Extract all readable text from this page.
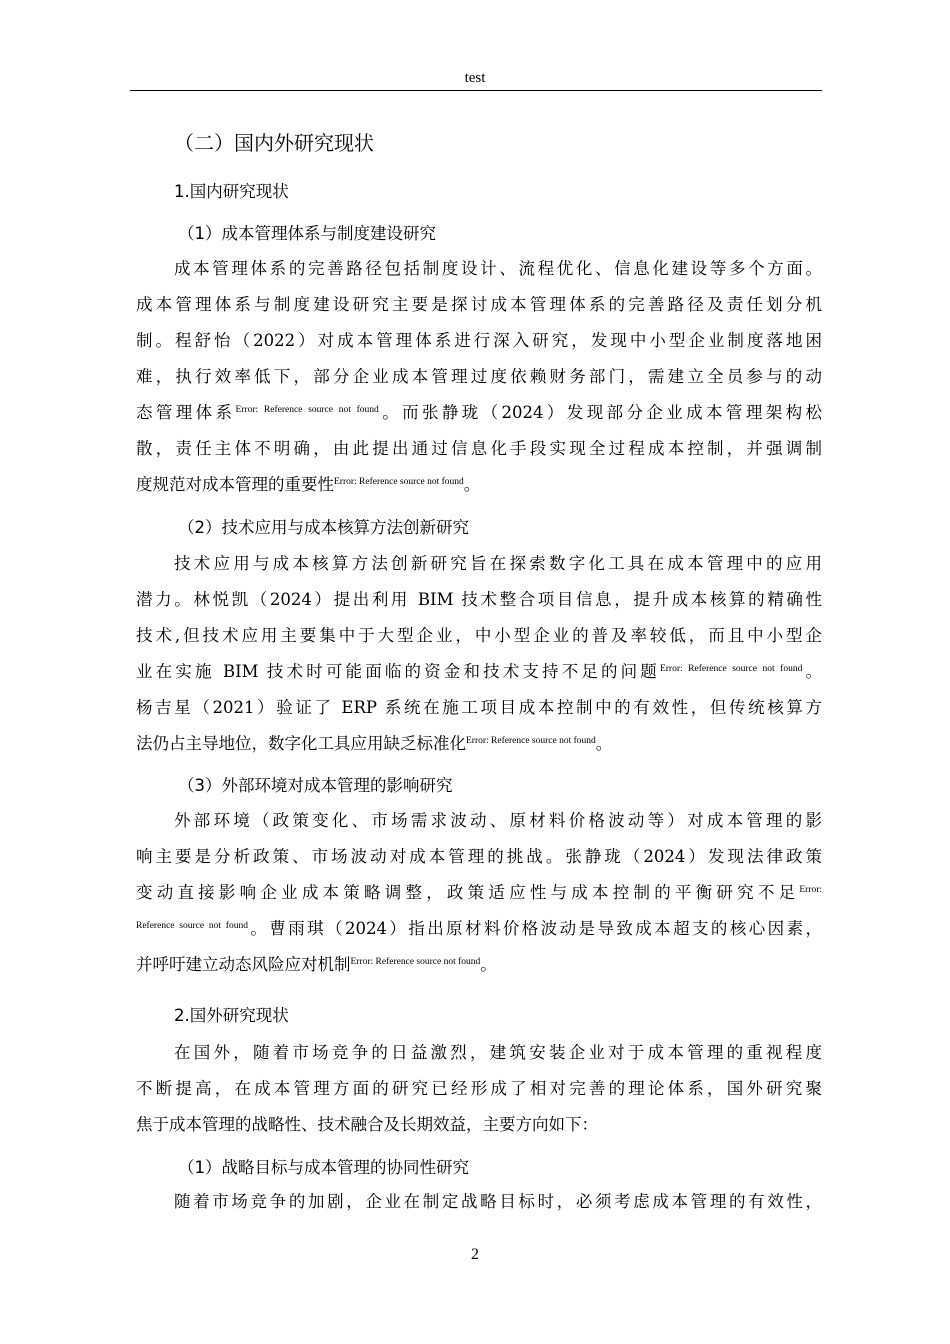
test
（二）国内外研究现状
1.国内研究现状
（1）成本管理体系与制度建设研究
成本管理体系的完善路径包括制度设计、流程优化、信息化建设等多个方面。
成本管理体系与制度建设研究主要是探讨成本管理体系的完善路径及责任划分机
制。程舒怡（2022）对成本管理体系进行深入研究，发现中小型企业制度落地困
难，执行效率低下，部分企业成本管理过度依赖财务部门，需建立全员参与的动
态管理体系$^{Error: Reference source not found}$。而张静珑（2024）发现部分企业成本管理架构松
散，责任主体不明确，由此提出通过信息化手段实现全过程成本控制，并强调制
度规范对成本管理的重要性$^{Error: Reference source not found}$。
（2）技术应用与成本核算方法创新研究
技术应用与成本核算方法创新研究旨在探索数字化工具在成本管理中的应用
潜力。林悦凯（2024）提出利用 BIM 技术整合项目信息，提升成本核算的精确性
技术,但技术应用主要集中于大型企业，中小型企业的普及率较低，而且中小型企
业在实施 BIM 技术时可能面临的资金和技术支持不足的问题$^{Error: Reference source not found}$。
杨吉星（2021）验证了 ERP 系统在施工项目成本控制中的有效性，但传统核算方
法仍占主导地位，数字化工具应用缺乏标准化$^{Error: Reference source not found}$。
（3）外部环境对成本管理的影响研究
外部环境（政策变化、市场需求波动、原材料价格波动等）对成本管理的影
响主要是分析政策、市场波动对成本管理的挑战。张静珑（2024）发现法律政策
变动直接影响企业成本策略调整，政策适应性与成本控制的平衡研究不足$^{Error:}$
$^{Reference source not found}$。曹雨琪（2024）指出原材料价格波动是导致成本超支的核心因素，
并呼吁建立动态风险应对机制$^{Error: Reference source not found}$。
2.国外研究现状
在国外，随着市场竞争的日益激烈，建筑安装企业对于成本管理的重视程度
不断提高，在成本管理方面的研究已经形成了相对完善的理论体系，国外研究聚
焦于成本管理的战略性、技术融合及长期效益，主要方向如下：
（1）战略目标与成本管理的协同性研究
随着市场竞争的加剧，企业在制定战略目标时，必须考虑成本管理的有效性，
2
